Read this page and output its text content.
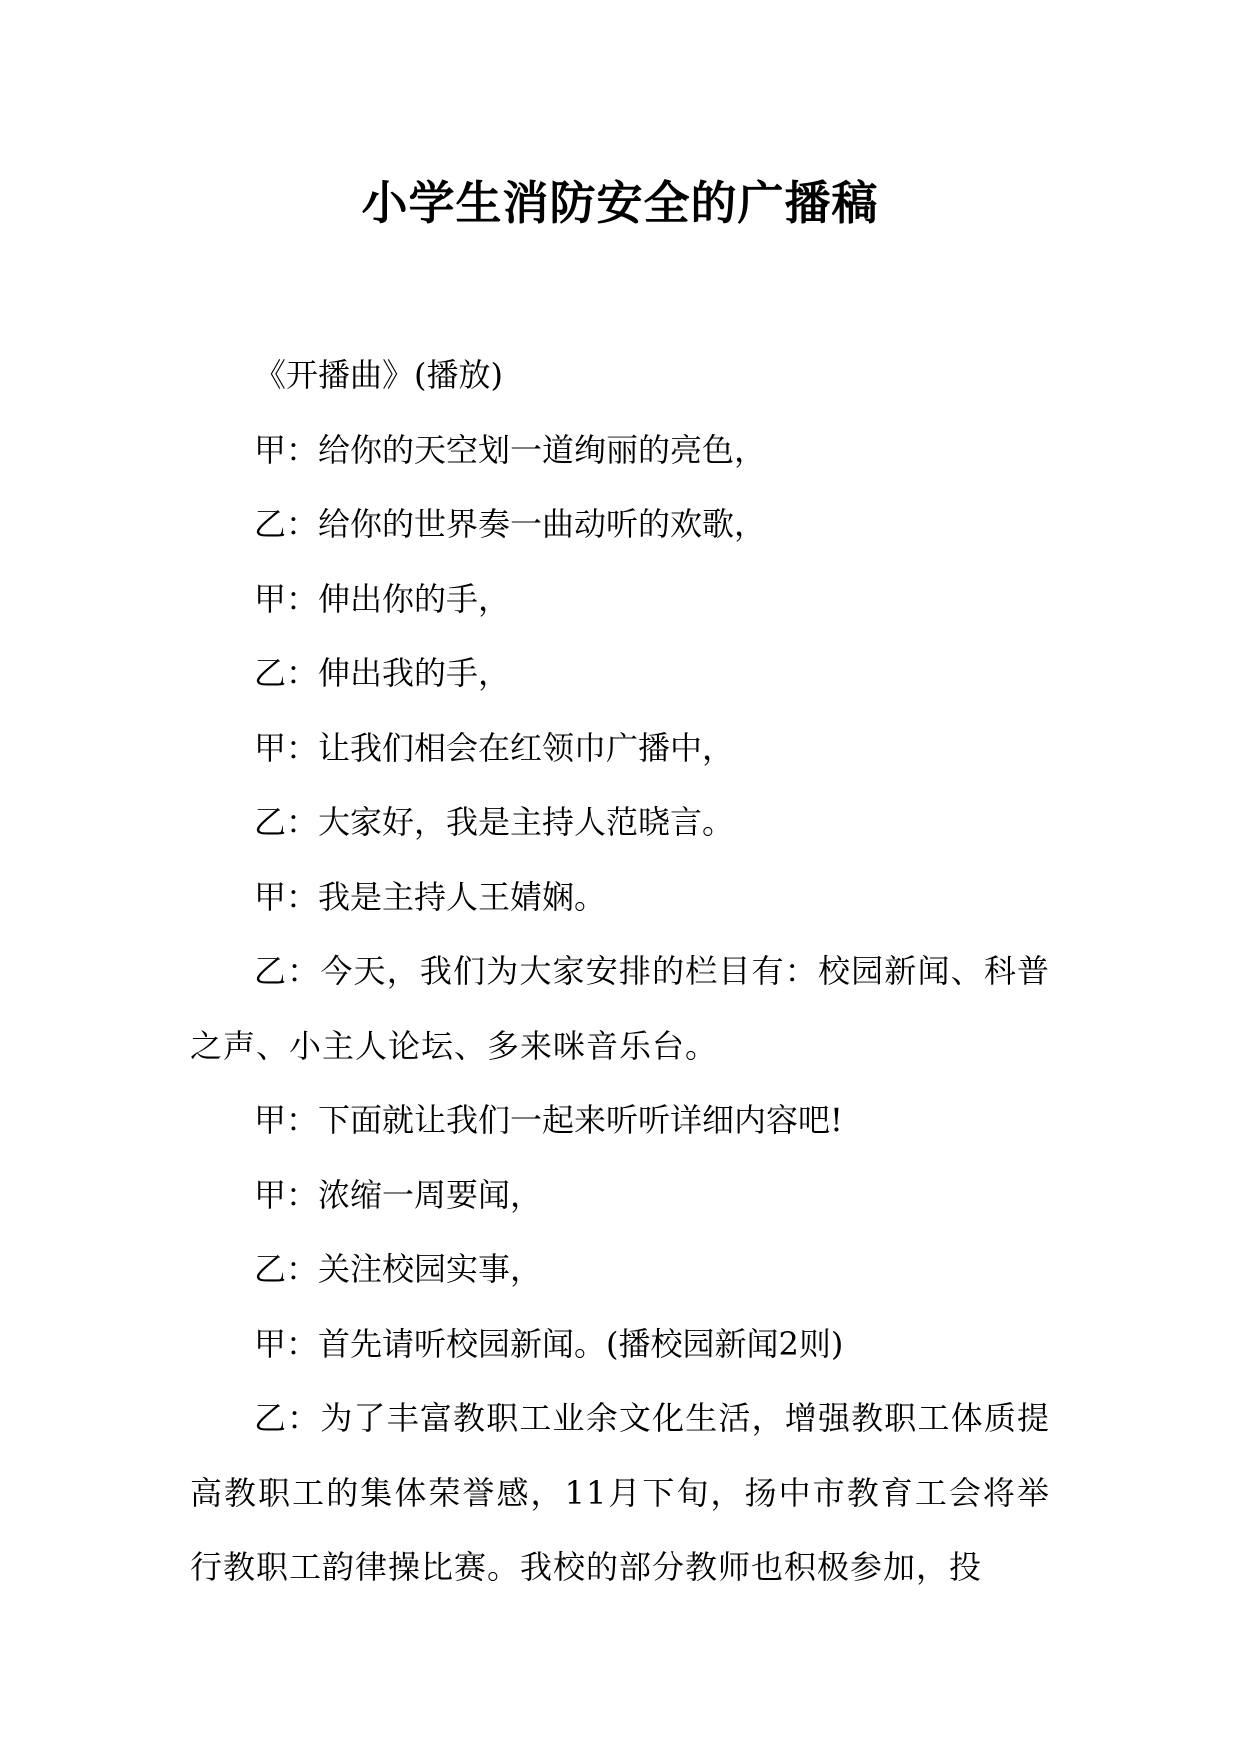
小学生消防安全的广播稿

《开播曲》(播放)

甲：给你的天空划一道绚丽的亮色，

乙：给你的世界奏一曲动听的欢歌，

甲：伸出你的手，

乙：伸出我的手，

甲：让我们相会在红领巾广播中，

乙：大家好，我是主持人范晓言。

甲：我是主持人王婧娴。

乙：今天，我们为大家安排的栏目有：校园新闻、科普之声、小主人论坛、多来咪音乐台。

甲：下面就让我们一起来听听详细内容吧!

甲：浓缩一周要闻，

乙：关注校园实事，

甲：首先请听校园新闻。(播校园新闻2则)

乙：为了丰富教职工业余文化生活，增强教职工体质提高教职工的集体荣誉感，11月下旬，扬中市教育工会将举行教职工韵律操比赛。我校的部分教师也积极参加，投
